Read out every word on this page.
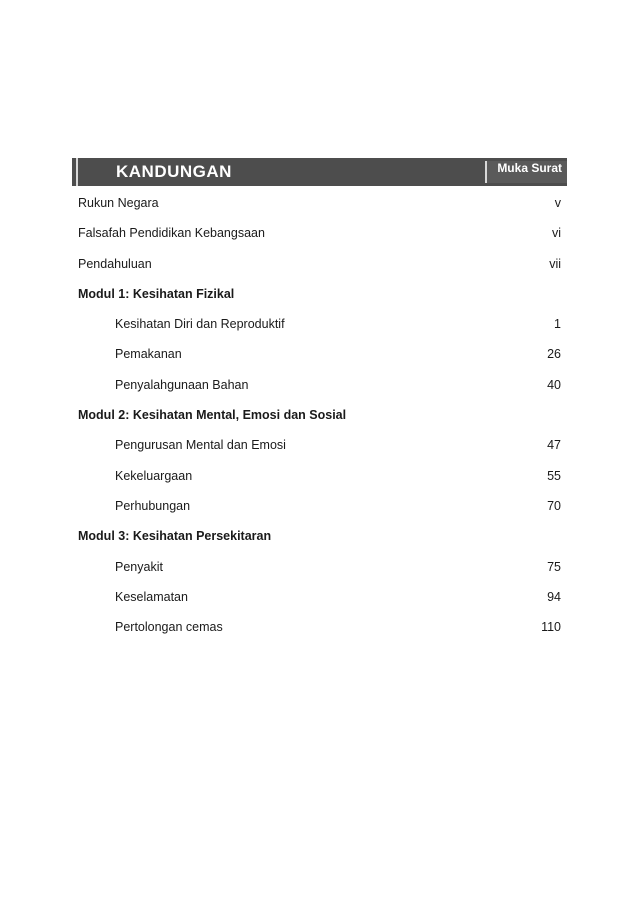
KANDUNGAN	Muka Surat
Rukun Negara	v
Falsafah Pendidikan Kebangsaan	vi
Pendahuluan	vii
Modul 1: Kesihatan Fizikal
Kesihatan Diri dan Reproduktif	1
Pemakanan	26
Penyalahgunaan Bahan	40
Modul 2: Kesihatan Mental, Emosi dan Sosial
Pengurusan Mental dan Emosi	47
Kekeluargaan	55
Perhubungan	70
Modul 3: Kesihatan Persekitaran
Penyakit	75
Keselamatan	94
Pertolongan cemas	110
